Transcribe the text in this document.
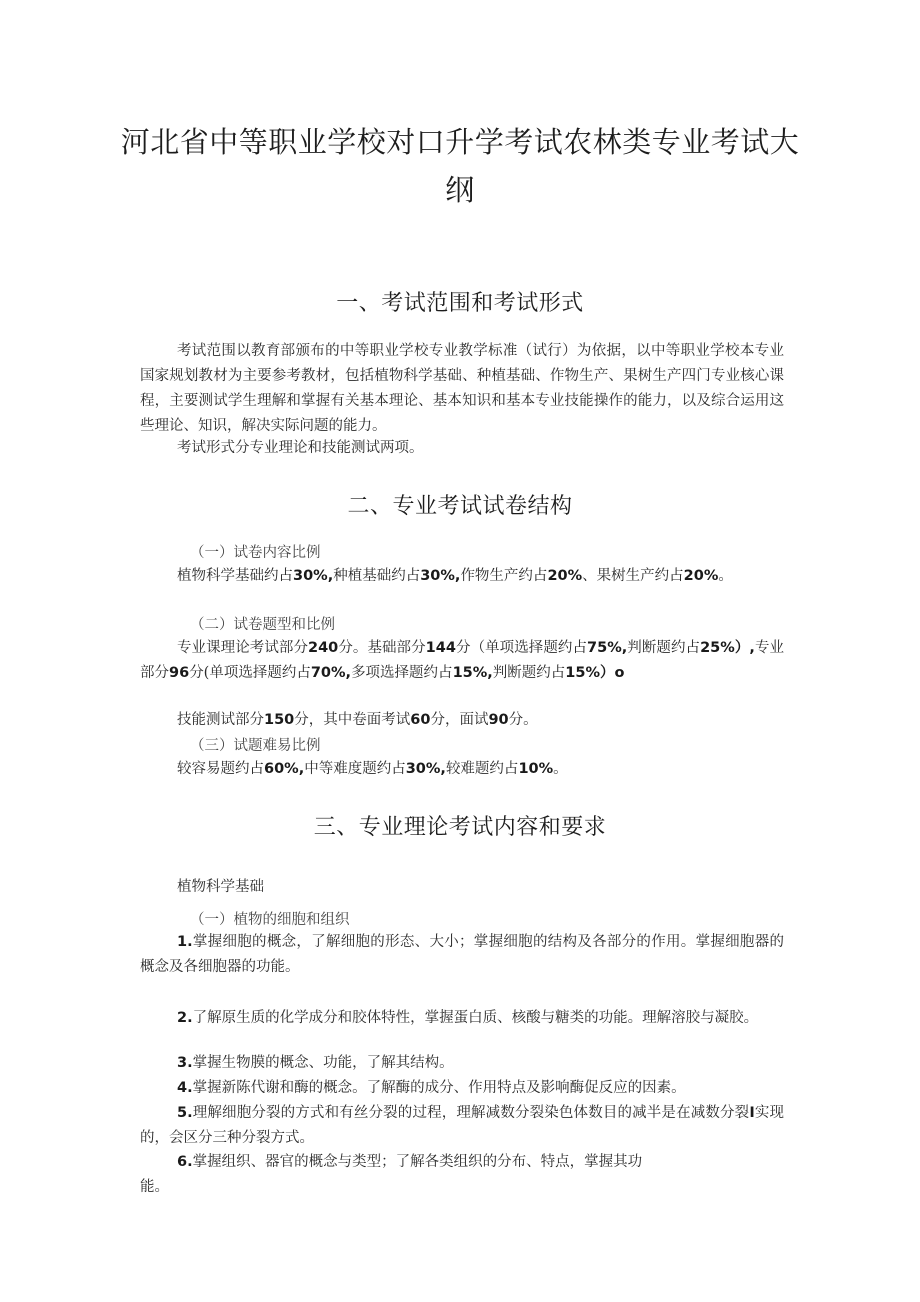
河北省中等职业学校对口升学考试农林类专业考试大纲
一、考试范围和考试形式
考试范围以教育部颁布的中等职业学校专业教学标准（试行）为依据，以中等职业学校本专业国家规划教材为主要参考教材，包括植物科学基础、种植基础、作物生产、果树生产四门专业核心课程，主要测试学生理解和掌握有关基本理论、基本知识和基本专业技能操作的能力，以及综合运用这些理论、知识，解决实际问题的能力。
考试形式分专业理论和技能测试两项。
二、专业考试试卷结构
（一）试卷内容比例
植物科学基础约占30%,种植基础约占30%,作物生产约占20%、果树生产约占20%。
（二）试卷题型和比例
专业课理论考试部分240分。基础部分144分（单项选择题约占75%,判断题约占25%）,专业部分96分(单项选择题约占70%,多项选择题约占15%,判断题约占15%）o
技能测试部分150分，其中卷面考试60分，面试90分。
（三）试题难易比例
较容易题约占60%,中等难度题约占30%,较难题约占10%。
三、专业理论考试内容和要求
植物科学基础
（一）植物的细胞和组织
1.掌握细胞的概念，了解细胞的形态、大小；掌握细胞的结构及各部分的作用。掌握细胞器的概念及各细胞器的功能。
2.了解原生质的化学成分和胶体特性，掌握蛋白质、核酸与糖类的功能。理解溶胶与凝胶。
3.掌握生物膜的概念、功能，了解其结构。
4.掌握新陈代谢和酶的概念。了解酶的成分、作用特点及影响酶促反应的因素。
5.理解细胞分裂的方式和有丝分裂的过程，理解减数分裂染色体数目的减半是在减数分裂I实现的，会区分三种分裂方式。
6.掌握组织、器官的概念与类型；了解各类组织的分布、特点，掌握其功
能。
